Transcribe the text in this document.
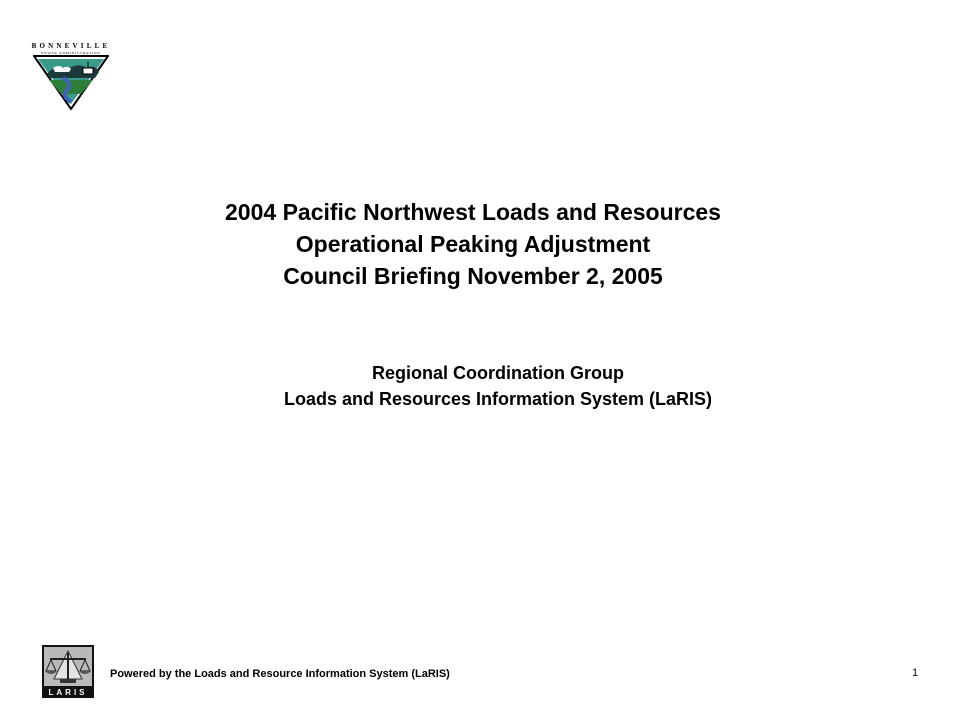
BONNEVILLE
POWER ADMINISTRATION
2004 Pacific Northwest Loads and Resources
Operational Peaking Adjustment
Council Briefing November 2, 2005
Regional Coordination Group
Loads and Resources Information System (LaRIS)
LARIS
Powered by the Loads and Resource Information System (LaRIS)	1
